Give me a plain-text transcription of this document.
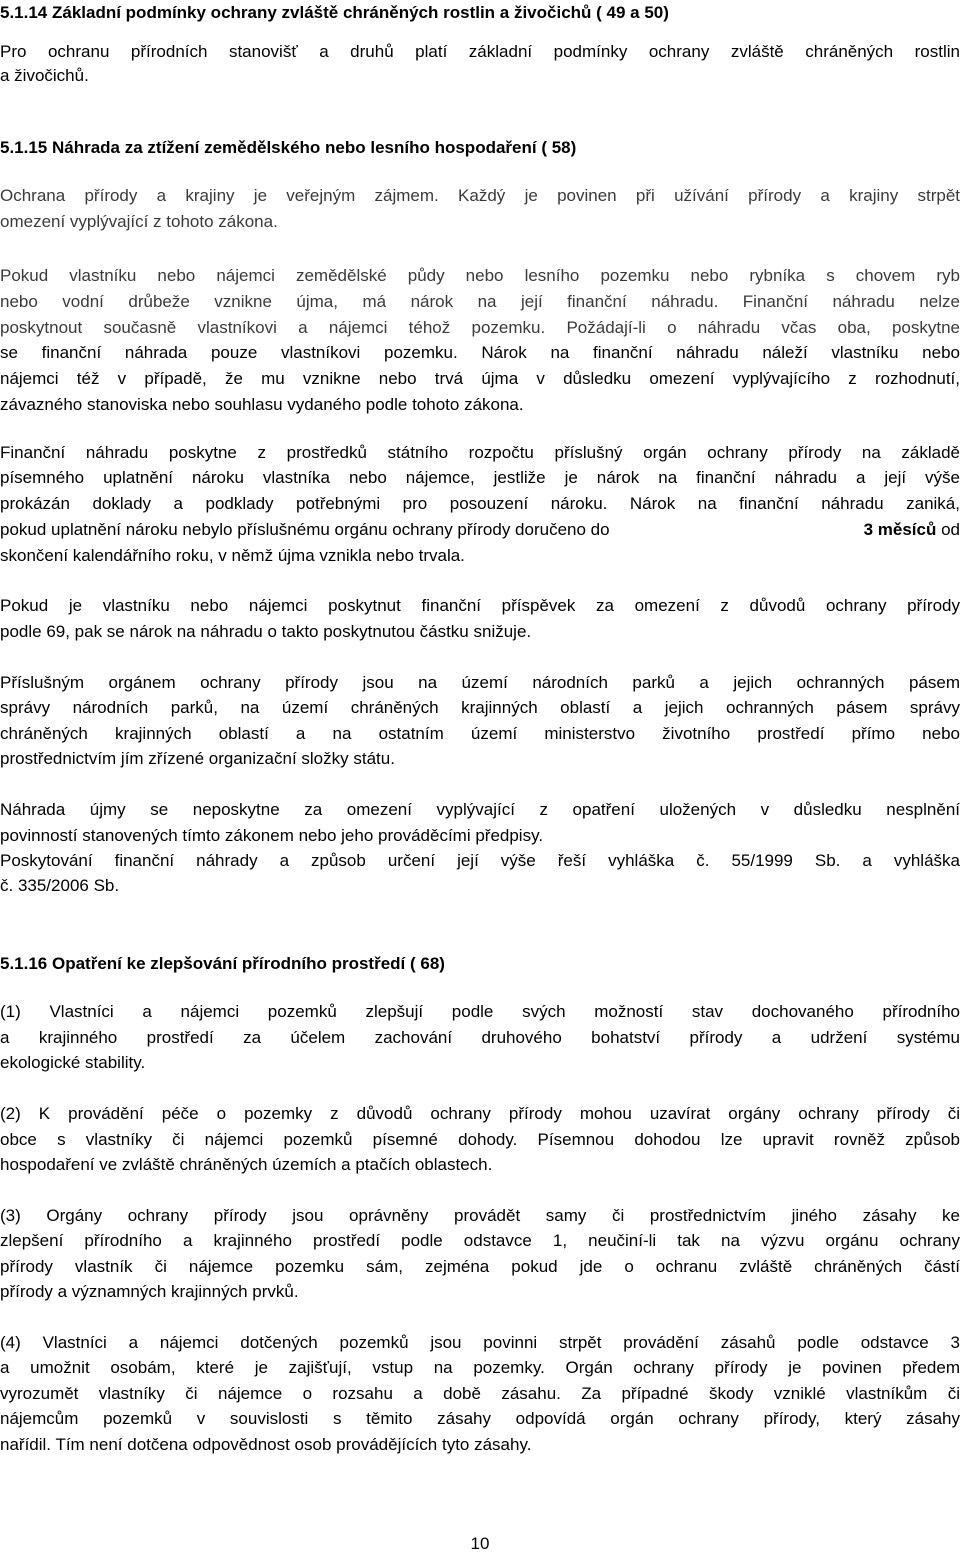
5.1.14 Základní podmínky ochrany zvláště chráněných rostlin a živočichů ( 49 a 50)
Pro ochranu přírodních stanovišť a druhů platí základní podmínky ochrany zvláště chráněných rostlin
a živočichů.
5.1.15 Náhrada za ztížení zemědělského nebo lesního hospodaření ( 58)
Ochrana přírody a krajiny je veřejným zájmem. Každý je povinen při užívání přírody a krajiny strpět
omezení vyplývající z tohoto zákona.
Pokud vlastníku nebo nájemci zemědělské půdy nebo lesního pozemku nebo rybníka s chovem ryb
nebo vodní drůbeže vznikne újma, má nárok na její finanční náhradu. Finanční náhradu nelze
poskytnout současně vlastníkovi a nájemci téhož pozemku. Požádají-li o náhradu včas oba, poskytne
se finanční náhrada pouze vlastníkovi pozemku. Nárok na finanční náhradu náleží vlastníku nebo
nájemci též v případě, že mu vznikne nebo trvá újma v důsledku omezení vyplývajícího z rozhodnutí,
závazného stanoviska nebo souhlasu vydaného podle tohoto zákona.
Finanční náhradu poskytne z prostředků státního rozpočtu příslušný orgán ochrany přírody na základě
písemného uplatnění nároku vlastníka nebo nájemce, jestliže je nárok na finanční náhradu a její výše
prokázán doklady a podklady potřebnými pro posouzení nároku. Nárok na finanční náhradu zaniká,
pokud uplatnění nároku nebylo příslušnému orgánu ochrany přírody doručeno do	3 měsíců od
skončení kalendářního roku, v němž újma vznikla nebo trvala.
Pokud je vlastníku nebo nájemci poskytnut finanční příspěvek za omezení z důvodů ochrany přírody
podle 69, pak se nárok na náhradu o takto poskytnutou částku snižuje.
Příslušným orgánem ochrany přírody jsou na území národních parků a jejich ochranných pásem
správy národních parků, na území chráněných krajinných oblastí a jejich ochranných pásem správy
chráněných krajinných oblastí a na ostatním území ministerstvo životního prostředí přímo nebo
prostřednictvím jím zřízené organizační složky státu.
Náhrada újmy se neposkytne za omezení vyplývající z opatření uložených v důsledku nesplnění
povinností stanovených tímto zákonem nebo jeho prováděcími předpisy.
Poskytování finanční náhrady a způsob určení její výše řeší vyhláška č. 55/1999 Sb. a vyhláška
č. 335/2006 Sb.
5.1.16 Opatření ke zlepšování přírodního prostředí ( 68)
(1) Vlastníci a nájemci pozemků zlepšují podle svých možností stav dochovaného přírodního
a krajinného prostředí za účelem zachování druhového bohatství přírody a udržení systému
ekologické stability.
(2) K provádění péče o pozemky z důvodů ochrany přírody mohou uzavírat orgány ochrany přírody či
obce s vlastníky či nájemci pozemků písemné dohody. Písemnou dohodou lze upravit rovněž způsob
hospodaření ve zvláště chráněných územích a ptačích oblastech.
(3) Orgány ochrany přírody jsou oprávněny provádět samy či prostřednictvím jiného zásahy ke
zlepšení přírodního a krajinného prostředí podle odstavce 1, neučiní-li tak na výzvu orgánu ochrany
přírody vlastník či nájemce pozemku sám, zejména pokud jde o ochranu zvláště chráněných částí
přírody a významných krajinných prvků.
(4) Vlastníci a nájemci dotčených pozemků jsou povinni strpět provádění zásahů podle odstavce 3
a umožnit osobám, které je zajišťují, vstup na pozemky. Orgán ochrany přírody je povinen předem
vyrozumět vlastníky či nájemce o rozsahu a době zásahu. Za případné škody vzniklé vlastníkům či
nájemcům pozemků v souvislosti s těmito zásahy odpovídá orgán ochrany přírody, který zásahy
nařídil. Tím není dotčena odpovědnost osob provádějících tyto zásahy.
10
